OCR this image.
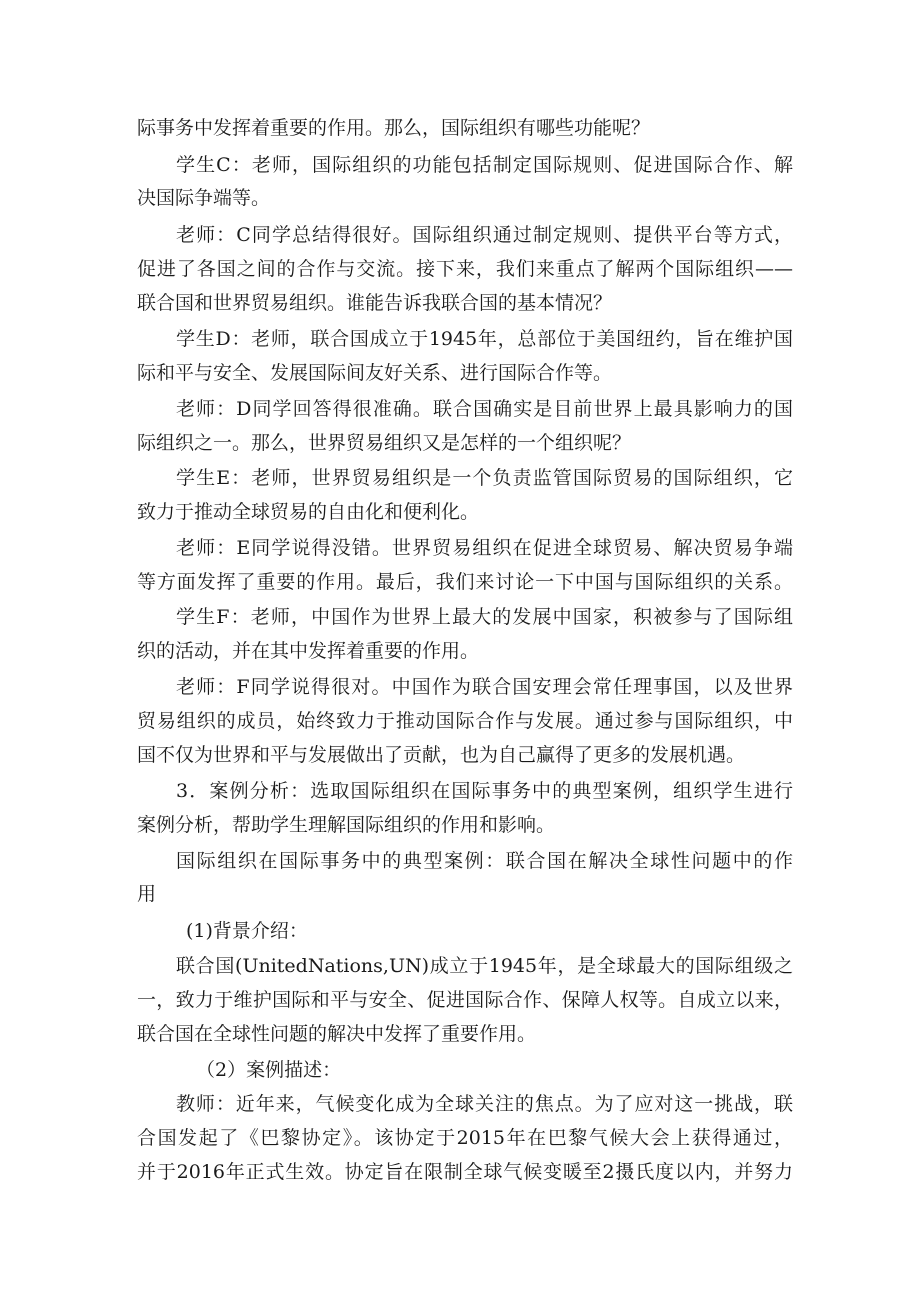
际事务中发挥着重要的作用。那么，国际组织有哪些功能呢？
学生C：老师，国际组织的功能包括制定国际规则、促进国际合作、解
决国际争端等。
老师：C同学总结得很好。国际组织通过制定规则、提供平台等方式，
促进了各国之间的合作与交流。接下来，我们来重点了解两个国际组织——
联合国和世界贸易组织。谁能告诉我联合国的基本情况？
学生D：老师，联合国成立于1945年，总部位于美国纽约，旨在维护国
际和平与安全、发展国际间友好关系、进行国际合作等。
老师：D同学回答得很准确。联合国确实是目前世界上最具影响力的国
际组织之一。那么，世界贸易组织又是怎样的一个组织呢？
学生E：老师，世界贸易组织是一个负责监管国际贸易的国际组织，它
致力于推动全球贸易的自由化和便利化。
老师：E同学说得没错。世界贸易组织在促进全球贸易、解决贸易争端
等方面发挥了重要的作用。最后，我们来讨论一下中国与国际组织的关系。
学生F：老师，中国作为世界上最大的发展中国家，积被参与了国际组
织的活动，并在其中发挥着重要的作用。
老师：F同学说得很对。中国作为联合国安理会常任理事国，以及世界
贸易组织的成员，始终致力于推动国际合作与发展。通过参与国际组织，中
国不仅为世界和平与发展做出了贡献，也为自己赢得了更多的发展机遇。
3．案例分析：选取国际组织在国际事务中的典型案例，组织学生进行
案例分析，帮助学生理解国际组织的作用和影响。
国际组织在国际事务中的典型案例：联合国在解决全球性问题中的作
用
(1)背景介绍：
联合国(UnitedNations,UN)成立于1945年，是全球最大的国际组级之
一，致力于维护国际和平与安全、促进国际合作、保障人权等。自成立以来，
联合国在全球性问题的解决中发挥了重要作用。
（2）案例描述：
教师：近年来，气候变化成为全球关注的焦点。为了应对这一挑战，联
合国发起了《巴黎协定》。该协定于2015年在巴黎气候大会上获得通过，
并于2016年正式生效。协定旨在限制全球气候变暖至2摄氏度以内，并努力
